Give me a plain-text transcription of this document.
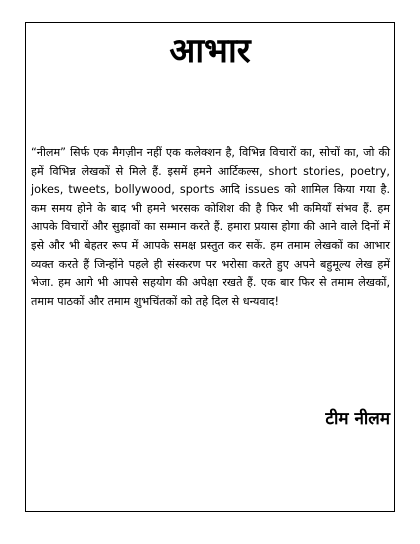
आभार

“नीलम” सिर्फ एक मैगज़ीन नहीं एक कलेक्शन है, विभिन्न विचारों का, सोचों का, जो की हमें विभिन्न लेखकों से मिले हैं. इसमें हमने आर्टिकल्स, short stories, poetry, jokes, tweets, bollywood, sports आदि issues को शामिल किया गया है. कम समय होने के बाद भी हमने भरसक कोशिश की है फिर भी कमियाँ संभव हैं. हम आपके विचारों और सुझावों का सम्मान करते हैं. हमारा प्रयास होगा की आने वाले दिनों में इसे और भी बेहतर रूप में आपके समक्ष प्रस्तुत कर सकें. हम तमाम लेखकों का आभार व्यक्त करते हैं जिन्होंने पहले ही संस्करण पर भरोसा करते हुए अपने बहुमूल्य लेख हमें भेजा. हम आगे भी आपसे सहयोग की अपेक्षा रखते हैं. एक बार फिर से तमाम लेखकों, तमाम पाठकों और तमाम शुभचिंतकों को तहे दिल से धन्यवाद!

टीम नीलम
